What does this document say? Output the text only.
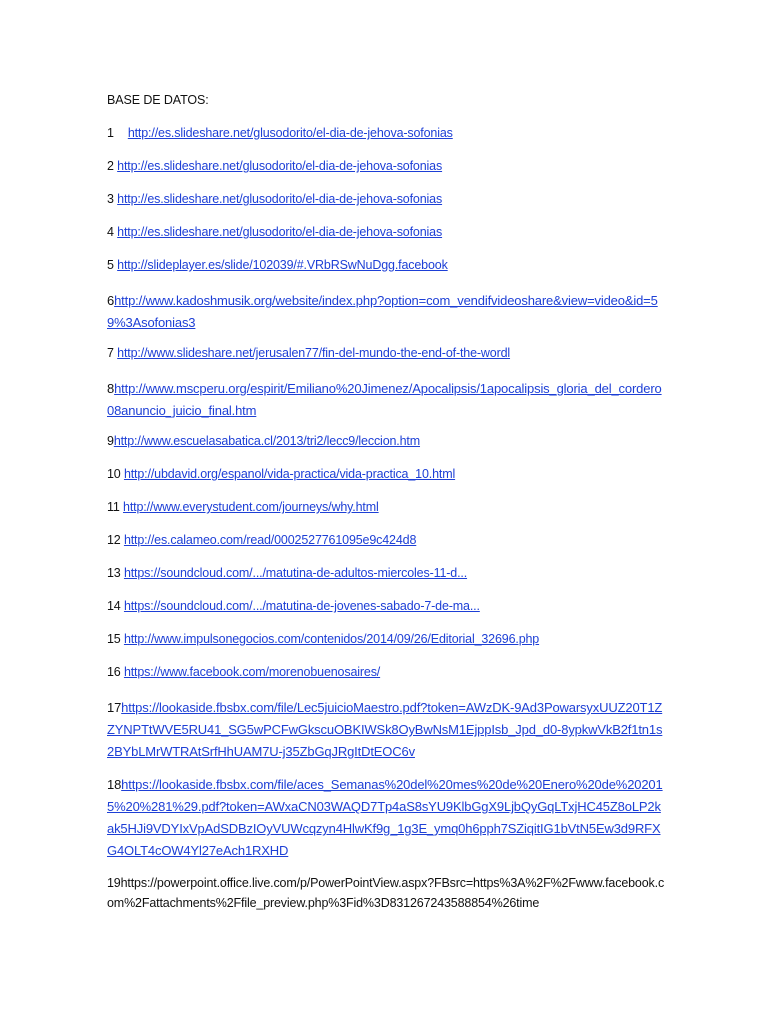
BASE DE DATOS:

1 http://es.slideshare.net/glusodorito/el-dia-de-jehova-sofonias

2 http://es.slideshare.net/glusodorito/el-dia-de-jehova-sofonias

3 http://es.slideshare.net/glusodorito/el-dia-de-jehova-sofonias

4 http://es.slideshare.net/glusodorito/el-dia-de-jehova-sofonias

5 http://slideplayer.es/slide/102039/#.VRbRSwNuDgg.facebook

6http://www.kadoshmusik.org/website/index.php?option=com_vendifvideoshare&view=video&id=59%3Asofonias3

7 http://www.slideshare.net/jerusalen77/fin-del-mundo-the-end-of-the-wordl

8http://www.mscperu.org/espirit/Emiliano%20Jimenez/Apocalipsis/1apocalipsis_gloria_del_cordero08anuncio_juicio_final.htm

9http://www.escuelasabatica.cl/2013/tri2/lecc9/leccion.htm

10 http://ubdavid.org/espanol/vida-practica/vida-practica_10.html

11 http://www.everystudent.com/journeys/why.html

12 http://es.calameo.com/read/0002527761095e9c424d8

13 https://soundcloud.com/.../matutina-de-adultos-miercoles-11-d...

14 https://soundcloud.com/.../matutina-de-jovenes-sabado-7-de-ma...

15 http://www.impulsonegocios.com/contenidos/2014/09/26/Editorial_32696.php

16 https://www.facebook.com/morenobuenosaires/

17https://lookaside.fbsbx.com/file/Lec5juicioMaestro.pdf?token=AWzDK-9Ad3PowarsyxUUZ20T1ZZYNPTtWVE5RU41_SG5wPCFwGkscuOBKIWSk8OyBwNsM1EjppIsb_Jpd_d0-8ypkwVkB2f1tn1s2BYbLMrWTRAtSrfHhUAM7U-j35ZbGqJRgItDtEOC6v

18https://lookaside.fbsbx.com/file/aces_Semanas%20del%20mes%20de%20Enero%20de%202015%20%281%29.pdf?token=AWxaCN03WAQD7Tp4aS8sYU9KlbGgX9LjbQyGqLTxjHC45Z8oLP2kak5HJi9VDYIxVpAdSDBzIOyVUWcqzyn4HlwKf9g_1g3E_ymq0h6pph7SZiqitIG1bVtN5Ew3d9RFXG4OLT4cOW4Yl27eAch1RXHD

19https://powerpoint.office.live.com/p/PowerPointView.aspx?FBsrc=https%3A%2F%2Fwww.facebook.com%2Fattachments%2Ffile_preview.php%3Fid%3D831267243588854%26time
